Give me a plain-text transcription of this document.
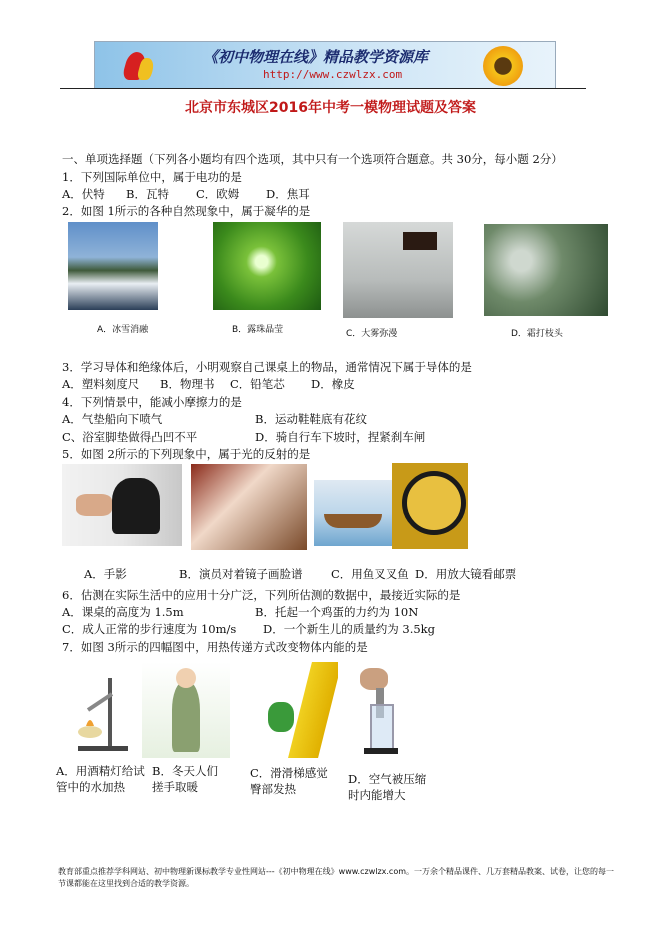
《初中物理在线》精品教学资源库
http://www.czwlzx.com
北京市东城区2016年中考一模物理试题及答案
一、单项选择题（下列各小题均有四个选项，其中只有一个选项符合题意。共 30分，每小题 2分）
1．下列国际单位中，属于电功的是
A．伏特 B．瓦特 C．欧姆 D．焦耳
2．如图 1所示的各种自然现象中，属于凝华的是
A．冰雪消融	B．露珠晶莹	C．大雾弥漫	D．霜打枝头
3．学习导体和绝缘体后，小明观察自己课桌上的物品，通常情况下属于导体的是
A．塑料刻度尺 B．物理书 C．铅笔芯 D．橡皮
4．下列情景中，能减小摩擦力的是
A．气垫船向下喷气	B．运动鞋鞋底有花纹
C、浴室脚垫做得凸凹不平	D．骑自行车下坡时，捏紧刹车闸
5．如图 2所示的下列现象中，属于光的反射的是
A．手影	B．演员对着镜子画脸谱 C．用鱼叉叉鱼 D．用放大镜看邮票
6．估测在实际生活中的应用十分广泛，下列所估测的数据中，最接近实际的是
A．课桌的高度为 1.5m	B．托起一个鸡蛋的力约为 10N
C．成人正常的步行速度为 10m/s D．一个新生儿的质量约为 3.5kg
7．如图 3所示的四幅图中，用热传递方式改变物体内能的是
A．用酒精灯给试
管中的水加热
B．冬天人们
搓手取暖
C．滑滑梯感觉
臀部发热
D．空气被压缩
时内能增大
教育部重点推荐学科网站、初中物理新课标教学专业性网站---《初中物理在线》www.czwlzx.com。一万余个精品课件、几万套精品教案、试卷，让您的每一节课都能在这里找到合适的教学资源。
